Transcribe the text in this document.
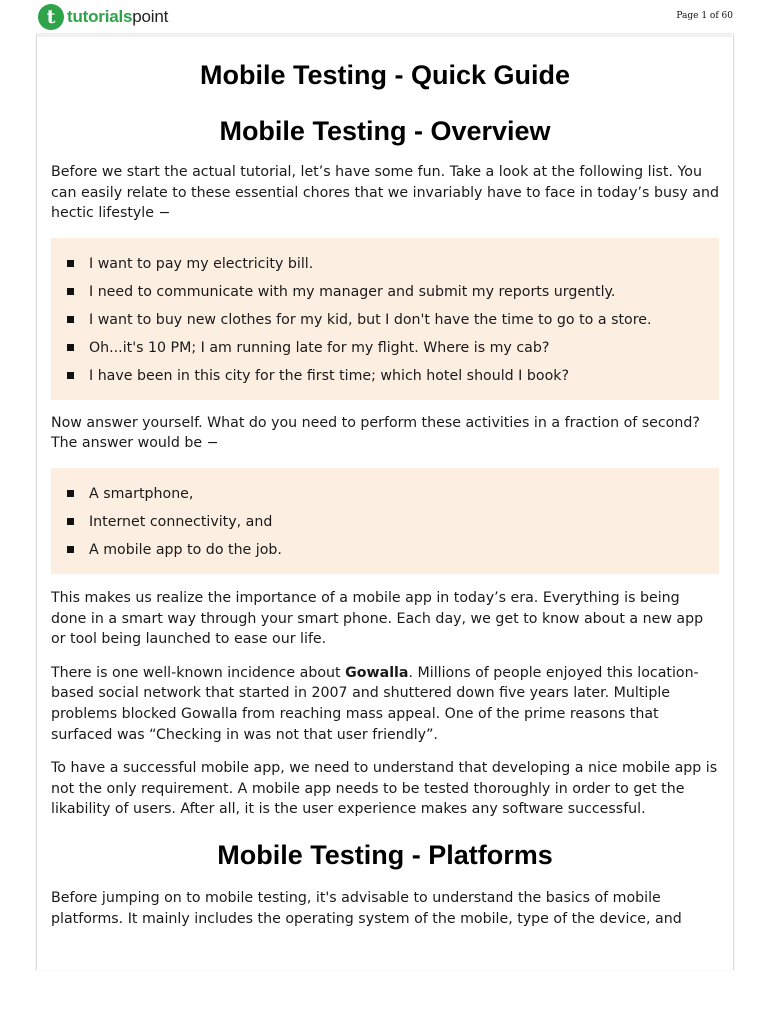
t tutorialspoint	Page 1 of 60
Mobile Testing - Quick Guide
Mobile Testing - Overview

Before we start the actual tutorial, let’s have some fun. Take a look at the following list. You can easily relate to these essential chores that we invariably have to face in today’s busy and hectic lifestyle −

I want to pay my electricity bill.
I need to communicate with my manager and submit my reports urgently.
I want to buy new clothes for my kid, but I don't have the time to go to a store.
Oh...it's 10 PM; I am running late for my flight. Where is my cab?
I have been in this city for the first time; which hotel should I book?

Now answer yourself. What do you need to perform these activities in a fraction of second? The answer would be −

A smartphone,
Internet connectivity, and
A mobile app to do the job.

This makes us realize the importance of a mobile app in today’s era. Everything is being done in a smart way through your smart phone. Each day, we get to know about a new app or tool being launched to ease our life.

There is one well-known incidence about Gowalla. Millions of people enjoyed this location-based social network that started in 2007 and shuttered down five years later. Multiple problems blocked Gowalla from reaching mass appeal. One of the prime reasons that surfaced was “Checking in was not that user friendly”.

To have a successful mobile app, we need to understand that developing a nice mobile app is not the only requirement. A mobile app needs to be tested thoroughly in order to get the likability of users. After all, it is the user experience makes any software successful.

Mobile Testing - Platforms

Before jumping on to mobile testing, it's advisable to understand the basics of mobile platforms. It mainly includes the operating system of the mobile, type of the device, and
